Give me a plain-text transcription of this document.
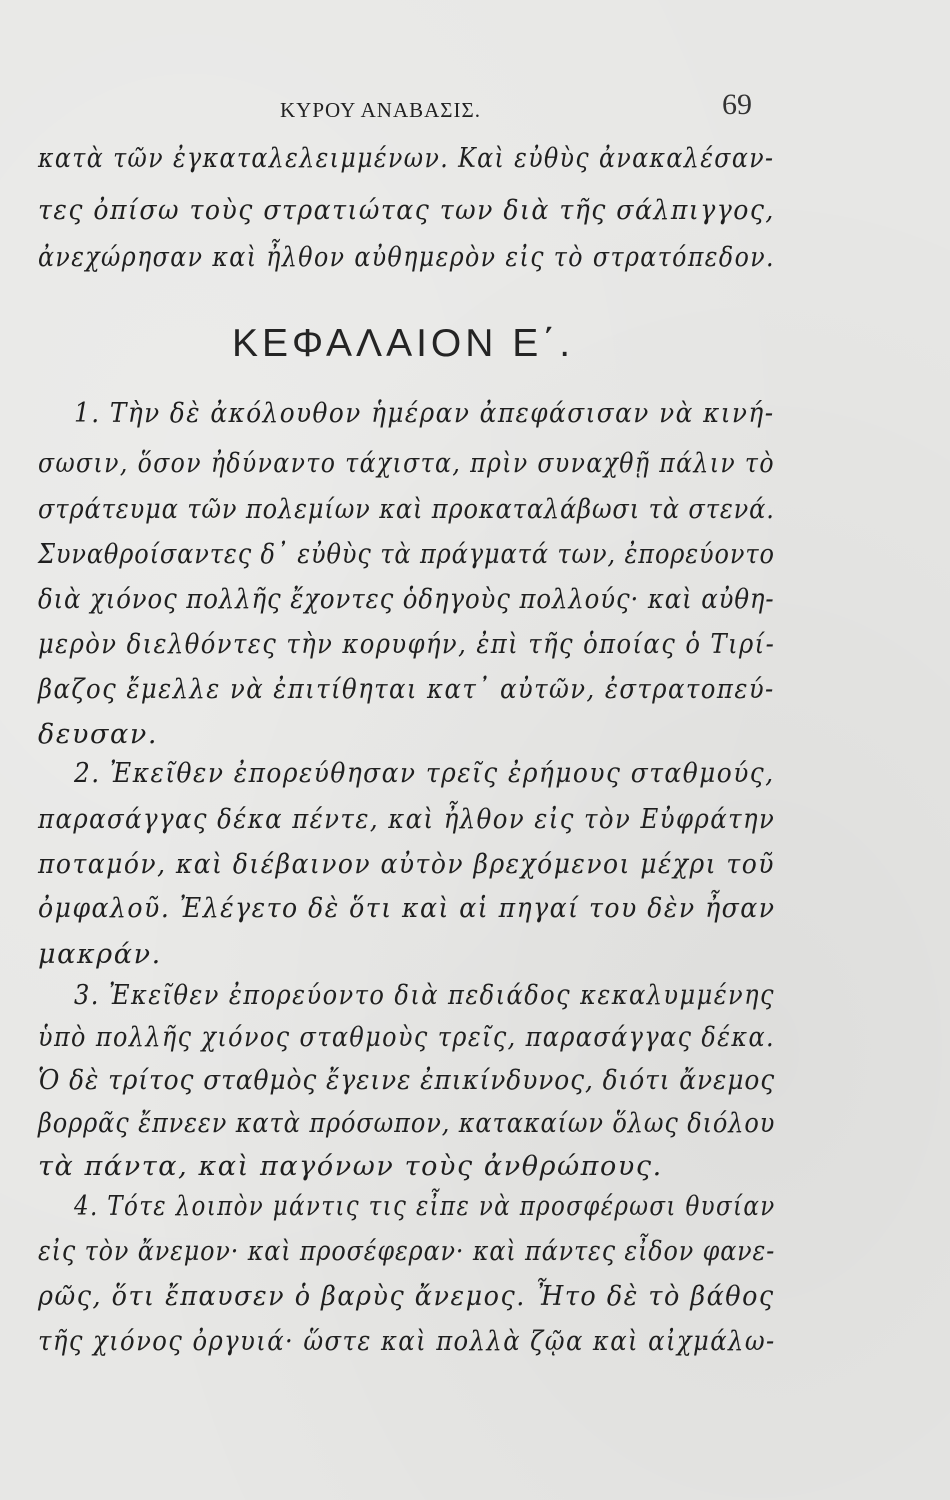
ΚΥΡΟΥ ΑΝΑΒΑΣΙΣ.	69
κατὰ τῶν ἐγκαταλελειμμένων. Καὶ εὐθὺς ἀνακαλέσαν-
τες ὀπίσω τοὺς στρατιώτας των διὰ τῆς σάλπιγγος,
ἀνεχώρησαν καὶ ἦλθον αὐθημερὸν εἰς τὸ στρατόπεδον.
ΚΕΦΑΛΑΙΟΝ Ε΄.
1. Τὴν δὲ ἀκόλουθον ἡμέραν ἀπεφάσισαν νὰ κινή-
σωσιν, ὅσον ἠδύναντο τάχιστα, πρὶν συναχθῇ πάλιν τὸ
στράτευμα τῶν πολεμίων καὶ προκαταλάβωσι τὰ στενά.
Συναθροίσαντες δ᾽ εὐθὺς τὰ πράγματά των, ἐπορεύοντο
διὰ χιόνος πολλῆς ἔχοντες ὁδηγοὺς πολλούς· καὶ αὐθη-
μερὸν διελθόντες τὴν κορυφήν, ἐπὶ τῆς ὁποίας ὁ Τιρί-
βαζος ἔμελλε νὰ ἐπιτίθηται κατ᾽ αὐτῶν, ἐστρατοπεύ-
δευσαν.
2. Ἐκεῖθεν ἐπορεύθησαν τρεῖς ἐρήμους σταθμούς,
παρασάγγας δέκα πέντε, καὶ ἦλθον εἰς τὸν Εὐφράτην
ποταμόν, καὶ διέβαινον αὐτὸν βρεχόμενοι μέχρι τοῦ
ὀμφαλοῦ. Ἐλέγετο δὲ ὅτι καὶ αἱ πηγαί του δὲν ἦσαν
μακράν.
3. Ἐκεῖθεν ἐπορεύοντο διὰ πεδιάδος κεκαλυμμένης
ὑπὸ πολλῆς χιόνος σταθμοὺς τρεῖς, παρασάγγας δέκα.
Ὁ δὲ τρίτος σταθμὸς ἔγεινε ἐπικίνδυνος, διότι ἄνεμος
βορρᾶς ἔπνεεν κατὰ πρόσωπον, κατακαίων ὅλως διόλου
τὰ πάντα, καὶ παγόνων τοὺς ἀνθρώπους.
4. Τότε λοιπὸν μάντις τις εἶπε νὰ προσφέρωσι θυσίαν
εἰς τὸν ἄνεμον· καὶ προσέφεραν· καὶ πάντες εἶδον φανε-
ρῶς, ὅτι ἔπαυσεν ὁ βαρὺς ἄνεμος. Ἦτο δὲ τὸ βάθος
τῆς χιόνος ὀργυιά· ὥστε καὶ πολλὰ ζῷα καὶ αἰχμάλω-
